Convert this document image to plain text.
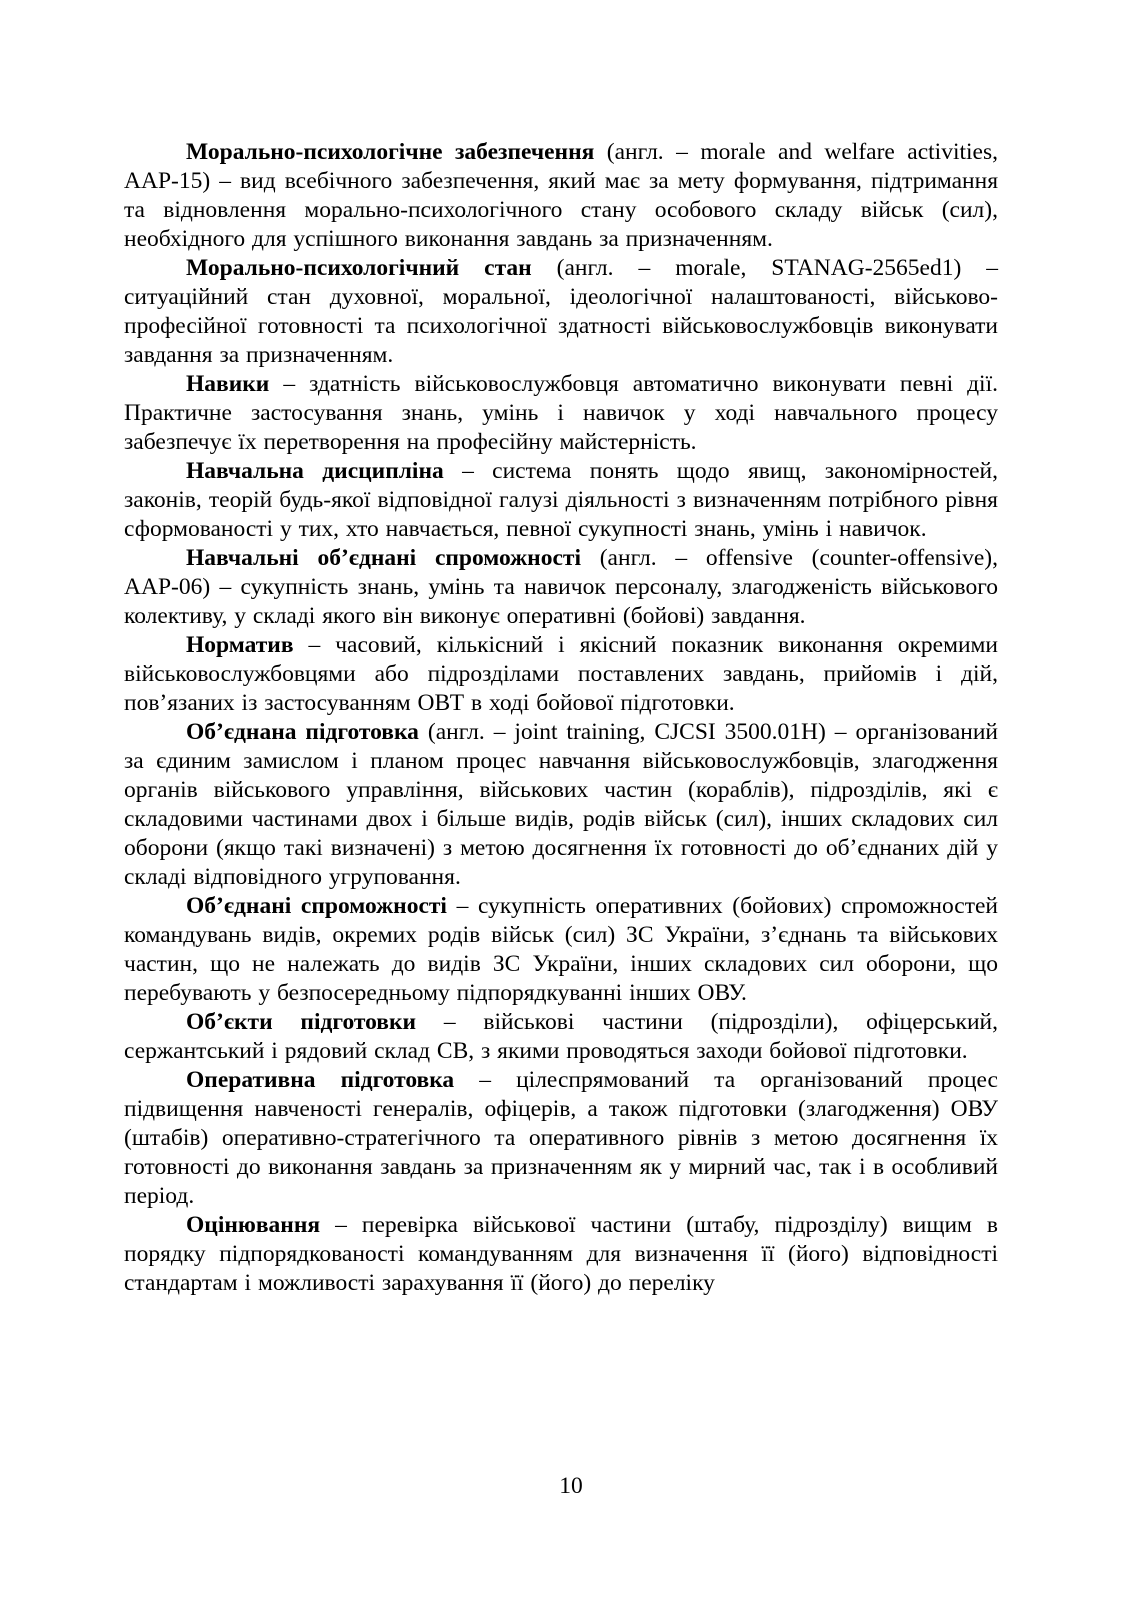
Морально-психологічне забезпечення (англ. – morale and welfare activities, ААР-15) – вид всебічного забезпечення, який має за мету формування, підтримання та відновлення морально-психологічного стану особового складу військ (сил), необхідного для успішного виконання завдань за призначенням.

Морально-психологічний стан (англ. – morale, STANAG-2565ed1) – ситуаційний стан духовної, моральної, ідеологічної налаштованості, військово-професійної готовності та психологічної здатності військовослужбовців виконувати завдання за призначенням.

Навики – здатність військовослужбовця автоматично виконувати певні дії. Практичне застосування знань, умінь і навичок у ході навчального процесу забезпечує їх перетворення на професійну майстерність.

Навчальна дисципліна – система понять щодо явищ, закономірностей, законів, теорій будь-якої відповідної галузі діяльності з визначенням потрібного рівня сформованості у тих, хто навчається, певної сукупності знань, умінь і навичок.

Навчальні об’єднані спроможності (англ. – offensive (counter-offensive), ААР-06) – сукупність знань, умінь та навичок персоналу, злагодженість військового колективу, у складі якого він виконує оперативні (бойові) завдання.

Норматив – часовий, кількісний і якісний показник виконання окремими військовослужбовцями або підрозділами поставлених завдань, прийомів і дій, пов’язаних із застосуванням ОВТ в ході бойової підготовки.

Об’єднана підготовка (англ. – joint training, CJCSI 3500.01Н) – організований за єдиним замислом і планом процес навчання військовослужбовців, злагодження органів військового управління, військових частин (кораблів), підрозділів, які є складовими частинами двох і більше видів, родів військ (сил), інших складових сил оборони (якщо такі визначені) з метою досягнення їх готовності до об’єднаних дій у складі відповідного угруповання.

Об’єднані спроможності – сукупність оперативних (бойових) спроможностей командувань видів, окремих родів військ (сил) ЗС України, з’єднань та військових частин, що не належать до видів ЗС України, інших складових сил оборони, що перебувають у безпосередньому підпорядкуванні інших ОВУ.

Об’єкти підготовки – військові частини (підрозділи), офіцерський, сержантський і рядовий склад СВ, з якими проводяться заходи бойової підготовки.

Оперативна підготовка – цілеспрямований та організований процес підвищення навченості генералів, офіцерів, а також підготовки (злагодження) ОВУ (штабів) оперативно-стратегічного та оперативного рівнів з метою досягнення їх готовності до виконання завдань за призначенням як у мирний час, так і в особливий період.

Оцінювання – перевірка військової частини (штабу, підрозділу) вищим в порядку підпорядкованості командуванням для визначення її (його) відповідності стандартам і можливості зарахування її (його) до переліку

10
